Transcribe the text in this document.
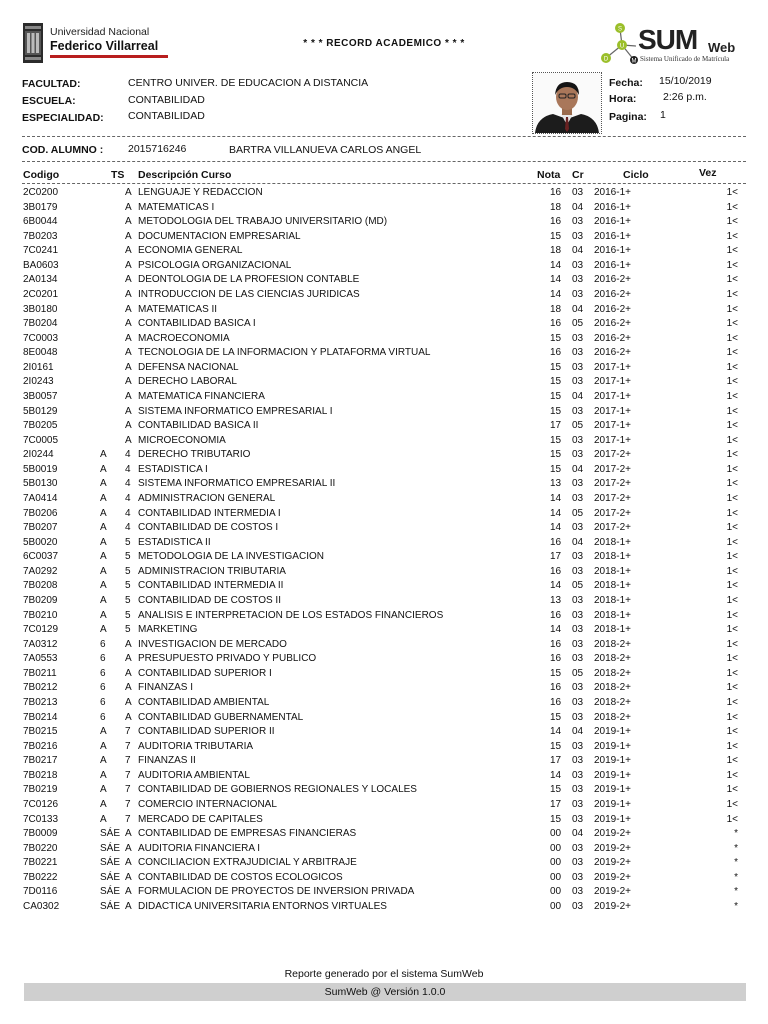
Universidad Nacional
Federico Villarreal	* * * RECORD ACADEMICO * * *
S
U
M
D
SUM Web
Sistema Unificado de Matrícula
FACULTAD:	CENTRO UNIVER. DE EDUCACION A DISTANCIA
ESCUELA:	CONTABILIDAD
ESPECIALIDAD: CONTABILIDAD
Fecha: 15/10/2019
Hora:	2:26 p.m.
Pagina: 1
COD. ALUMNO : 2015716246	BARTRA VILLANUEVA CARLOS ANGEL
Codigo	TS Descripción Curso	Nota Cr	Ciclo	Vez
2C0200	A LENGUAJE Y REDACCION	16 03 2016-1+	1<
3B0179	A MATEMATICAS I	18 04 2016-1+	1<
6B0044	A METODOLOGIA DEL TRABAJO UNIVERSITARIO (MD)	16 03 2016-1+	1<
7B0203	A DOCUMENTACION EMPRESARIAL	15 03 2016-1+	1<
7C0241	A ECONOMIA GENERAL	18 04 2016-1+	1<
BA0603	A PSICOLOGIA ORGANIZACIONAL	14 03 2016-1+	1<
2A0134	A DEONTOLOGIA DE LA PROFESION CONTABLE	14 03 2016-2+	1<
2C0201	A INTRODUCCION DE LAS CIENCIAS JURIDICAS	14 03 2016-2+	1<
3B0180	A MATEMATICAS II	18 04 2016-2+	1<
7B0204	A CONTABILIDAD BASICA I	16 05 2016-2+	1<
7C0003	A MACROECONOMIA	15 03 2016-2+	1<
8E0048	A TECNOLOGIA DE LA INFORMACION Y PLATAFORMA VIRTUAL	16 03 2016-2+	1<
2I0161	A DEFENSA NACIONAL	15 03 2017-1+	1<
2I0243	A DERECHO LABORAL	15 03 2017-1+	1<
3B0057	A MATEMATICA FINANCIERA	15 04 2017-1+	1<
5B0129	A SISTEMA INFORMATICO EMPRESARIAL I	15 03 2017-1+	1<
7B0205	A CONTABILIDAD BASICA II	17 05 2017-1+	1<
7C0005	A MICROECONOMIA	15 03 2017-1+	1<
2I0244	A	4 DERECHO TRIBUTARIO	15 03 2017-2+	1<
5B0019	A	4 ESTADISTICA I	15 04 2017-2+	1<
5B0130	A	4 SISTEMA INFORMATICO EMPRESARIAL II	13 03 2017-2+	1<
7A0414	A	4 ADMINISTRACION GENERAL	14 03 2017-2+	1<
7B0206	A	4 CONTABILIDAD INTERMEDIA I	14 05 2017-2+	1<
7B0207	A	4 CONTABILIDAD DE COSTOS I	14 03 2017-2+	1<
5B0020	A	5 ESTADISTICA II	16 04 2018-1+	1<
6C0037	A	5 METODOLOGIA DE LA INVESTIGACION	17 03 2018-1+	1<
7A0292	A	5 ADMINISTRACION TRIBUTARIA	16 03 2018-1+	1<
7B0208	A	5 CONTABILIDAD INTERMEDIA II	14 05 2018-1+	1<
7B0209	A	5 CONTABILIDAD DE COSTOS II	13 03 2018-1+	1<
7B0210	A	5 ANALISIS E INTERPRETACION DE LOS ESTADOS FINANCIEROS	16 03 2018-1+	1<
7C0129	A	5 MARKETING	14 03 2018-1+	1<
7A0312	6	A INVESTIGACION DE MERCADO	16 03 2018-2+	1<
7A0553	6	A PRESUPUESTO PRIVADO Y PUBLICO	16 03 2018-2+	1<
7B0211	6	A CONTABILIDAD SUPERIOR I	15 05 2018-2+	1<
7B0212	6	A FINANZAS I	16 03 2018-2+	1<
7B0213	6	A CONTABILIDAD AMBIENTAL	16 03 2018-2+	1<
7B0214	6	A CONTABILIDAD GUBERNAMENTAL	15 03 2018-2+	1<
7B0215	A	7 CONTABILIDAD SUPERIOR II	14 04 2019-1+	1<
7B0216	A	7 AUDITORIA TRIBUTARIA	15 03 2019-1+	1<
7B0217	A	7 FINANZAS II	17 03 2019-1+	1<
7B0218	A	7 AUDITORIA AMBIENTAL	14 03 2019-1+	1<
7B0219	A	7 CONTABILIDAD DE GOBIERNOS REGIONALES Y LOCALES	15 03 2019-1+	1<
7C0126	A	7 COMERCIO INTERNACIONAL	17 03 2019-1+	1<
7C0133	A	7 MERCADO DE CAPITALES	15 03 2019-1+	1<
7B0009	SÁE A CONTABILIDAD DE EMPRESAS FINANCIERAS	00 04 2019-2+	*
7B0220	SÁE A AUDITORIA FINANCIERA I	00 03 2019-2+	*
7B0221	SÁE A CONCILIACION EXTRAJUDICIAL Y ARBITRAJE	00 03 2019-2+	*
7B0222	SÁE A CONTABILIDAD DE COSTOS ECOLOGICOS	00 03 2019-2+	*
7D0116	SÁE A FORMULACION DE PROYECTOS DE INVERSION PRIVADA	00 03 2019-2+	*
CA0302	SÁE A DIDACTICA UNIVERSITARIA ENTORNOS VIRTUALES	00 03 2019-2+	*
Reporte generado por el sistema SumWeb
SumWeb @ Versión 1.0.0
